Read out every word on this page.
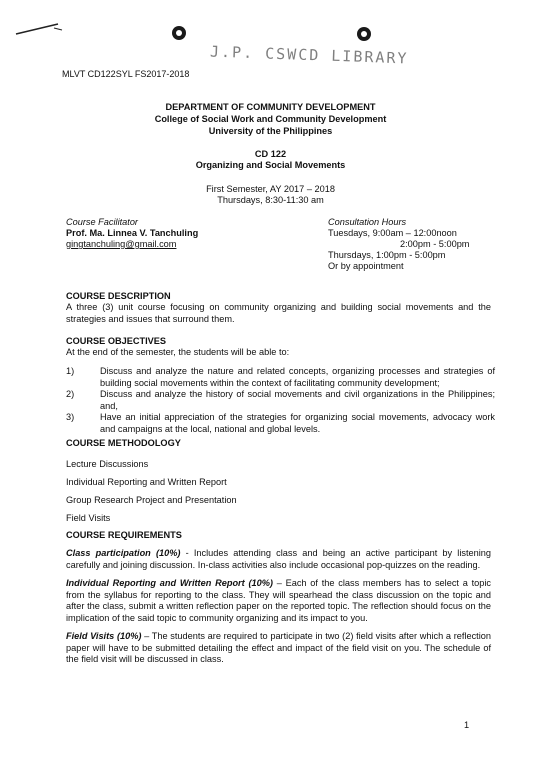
J.P. CSWCD LIBRARY
MLVT CD122SYL FS2017-2018
DEPARTMENT OF COMMUNITY DEVELOPMENT
College of Social Work and Community Development
University of the Philippines
CD 122
Organizing and Social Movements
First Semester, AY 2017 – 2018
Thursdays, 8:30-11:30 am
Course Facilitator
Prof. Ma. Linnea V. Tanchuling
gingtanchuling@gmail.com
Consultation Hours
Tuesdays, 9:00am – 12:00noon
2:00pm - 5:00pm
Thursdays, 1:00pm - 5:00pm
Or by appointment
COURSE DESCRIPTION
A three (3) unit course focusing on community organizing and building social movements and the strategies and issues that surround them.
COURSE OBJECTIVES
At the end of the semester, the students will be able to:
1)	Discuss and analyze the nature and related concepts, organizing processes and strategies of building social movements within the context of facilitating community development;
2)	Discuss and analyze the history of social movements and civil organizations in the Philippines; and,
3)	Have an initial appreciation of the strategies for organizing social movements, advocacy work and campaigns at the local, national and global levels.
COURSE METHODOLOGY
Lecture Discussions
Individual Reporting and Written Report
Group Research Project and Presentation
Field Visits
COURSE REQUIREMENTS
Class participation (10%) - Includes attending class and being an active participant by listening carefully and joining discussion. In-class activities also include occasional pop-quizzes on the reading.
Individual Reporting and Written Report (10%) – Each of the class members has to select a topic from the syllabus for reporting to the class. They will spearhead the class discussion on the topic and after the class, submit a written reflection paper on the reported topic. The reflection should focus on the implication of the said topic to community organizing and its impact to you.
Field Visits (10%) – The students are required to participate in two (2) field visits after which a reflection paper will have to be submitted detailing the effect and impact of the field visit on you. The schedule of the field visit will be discussed in class.
1
